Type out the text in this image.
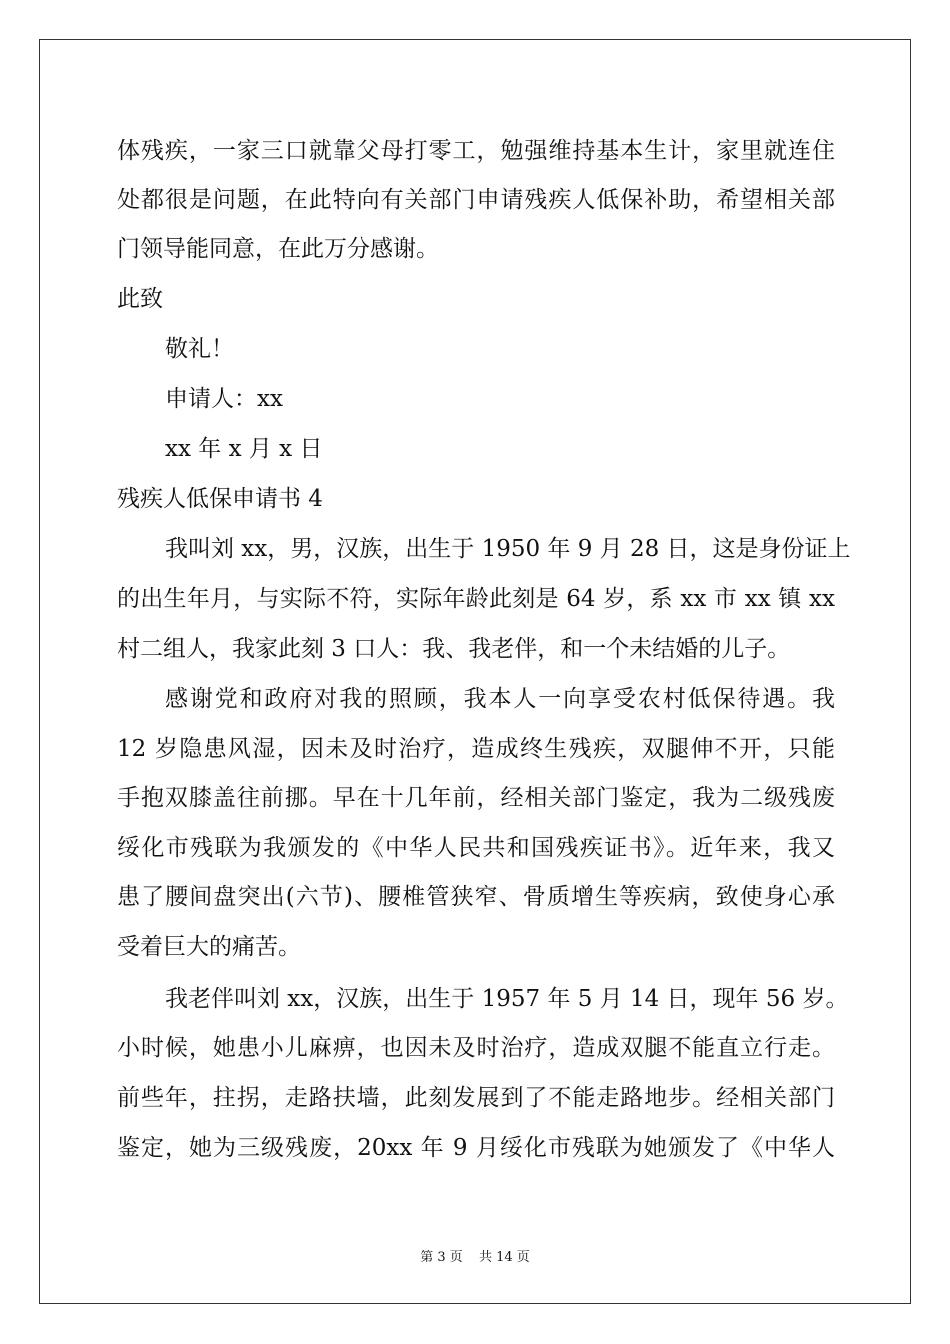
体残疾，一家三口就靠父母打零工，勉强维持基本生计，家里就连住
处都很是问题，在此特向有关部门申请残疾人低保补助，希望相关部
门领导能同意，在此万分感谢。
此致
敬礼！
申请人：xx
xx 年 x 月 x 日
残疾人低保申请书 4
我叫刘 xx，男，汉族，出生于 1950 年 9 月 28 日，这是身份证上
的出生年月，与实际不符，实际年龄此刻是 64 岁，系 xx 市 xx 镇 xx
村二组人，我家此刻 3 口人：我、我老伴，和一个未结婚的儿子。
感谢党和政府对我的照顾，我本人一向享受农村低保待遇。我
12 岁隐患风湿，因未及时治疗，造成终生残疾，双腿伸不开，只能
手抱双膝盖往前挪。早在十几年前，经相关部门鉴定，我为二级残废
绥化市残联为我颁发的《中华人民共和国残疾证书》。近年来，我又
患了腰间盘突出(六节)、腰椎管狭窄、骨质增生等疾病，致使身心承
受着巨大的痛苦。
我老伴叫刘 xx，汉族，出生于 1957 年 5 月 14 日，现年 56 岁。
小时候，她患小儿麻痹，也因未及时治疗，造成双腿不能直立行走。
前些年，拄拐，走路扶墙，此刻发展到了不能走路地步。经相关部门
鉴定，她为三级残废，20xx 年 9 月绥化市残联为她颁发了《中华人
第 3 页 共 14 页
